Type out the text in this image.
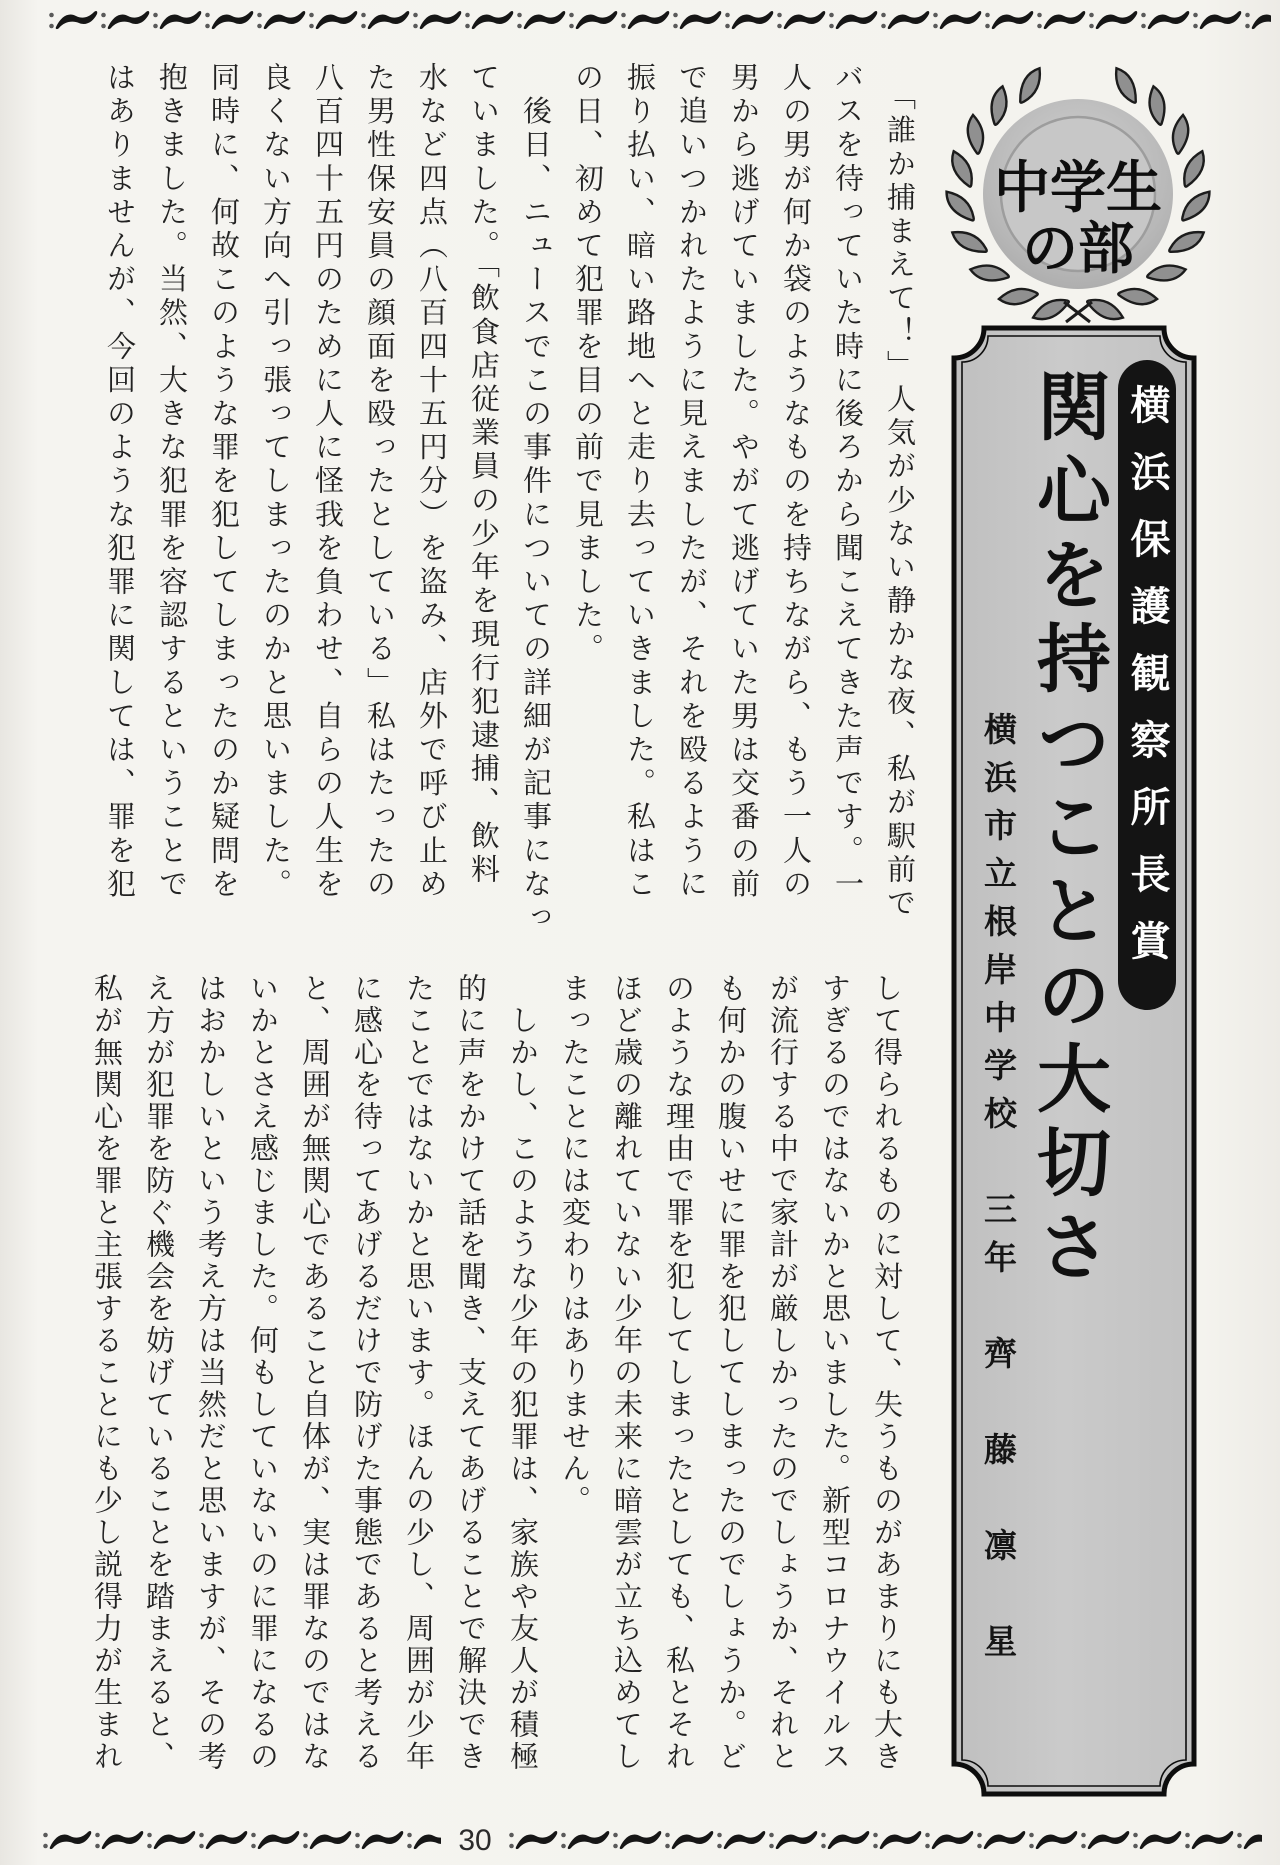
中学生
の部
横浜保護観察所長賞
関心を持つことの大切さ
横浜市立根岸中学校　三年　齊　藤　凛　星
　「誰か捕まえて！」人気が少ない静かな夜、私が駅前で
バスを待っていた時に後ろから聞こえてきた声です。一
人の男が何か袋のようなものを持ちながら、もう一人の
男から逃げていました。やがて逃げていた男は交番の前
で追いつかれたように見えましたが、それを殴るように
振り払い、暗い路地へと走り去っていきました。私はこ
の日、初めて犯罪を目の前で見ました。
　後日、ニュースでこの事件についての詳細が記事になっ
ていました。「飲食店従業員の少年を現行犯逮捕、飲料
水など四点（八百四十五円分）を盗み、店外で呼び止め
た男性保安員の顔面を殴ったとしている」私はたったの
八百四十五円のために人に怪我を負わせ、自らの人生を
良くない方向へ引っ張ってしまったのかと思いました。
同時に、何故このような罪を犯してしまったのか疑問を
抱きました。当然、大きな犯罪を容認するということで
はありませんが、今回のような犯罪に関しては、罪を犯
して得られるものに対して、失うものがあまりにも大き
すぎるのではないかと思いました。新型コロナウイルス
が流行する中で家計が厳しかったのでしょうか、それと
も何かの腹いせに罪を犯してしまったのでしょうか。ど
のような理由で罪を犯してしまったとしても、私とそれ
ほど歳の離れていない少年の未来に暗雲が立ち込めてし
まったことには変わりはありません。
　しかし、このような少年の犯罪は、家族や友人が積極
的に声をかけて話を聞き、支えてあげることで解決でき
たことではないかと思います。ほんの少し、周囲が少年
に感心を待ってあげるだけで防げた事態であると考える
と、周囲が無関心であること自体が、実は罪なのではな
いかとさえ感じました。何もしていないのに罪になるの
はおかしいという考え方は当然だと思いますが、その考
え方が犯罪を防ぐ機会を妨げていることを踏まえると、
私が無関心を罪と主張することにも少し説得力が生まれ
30
